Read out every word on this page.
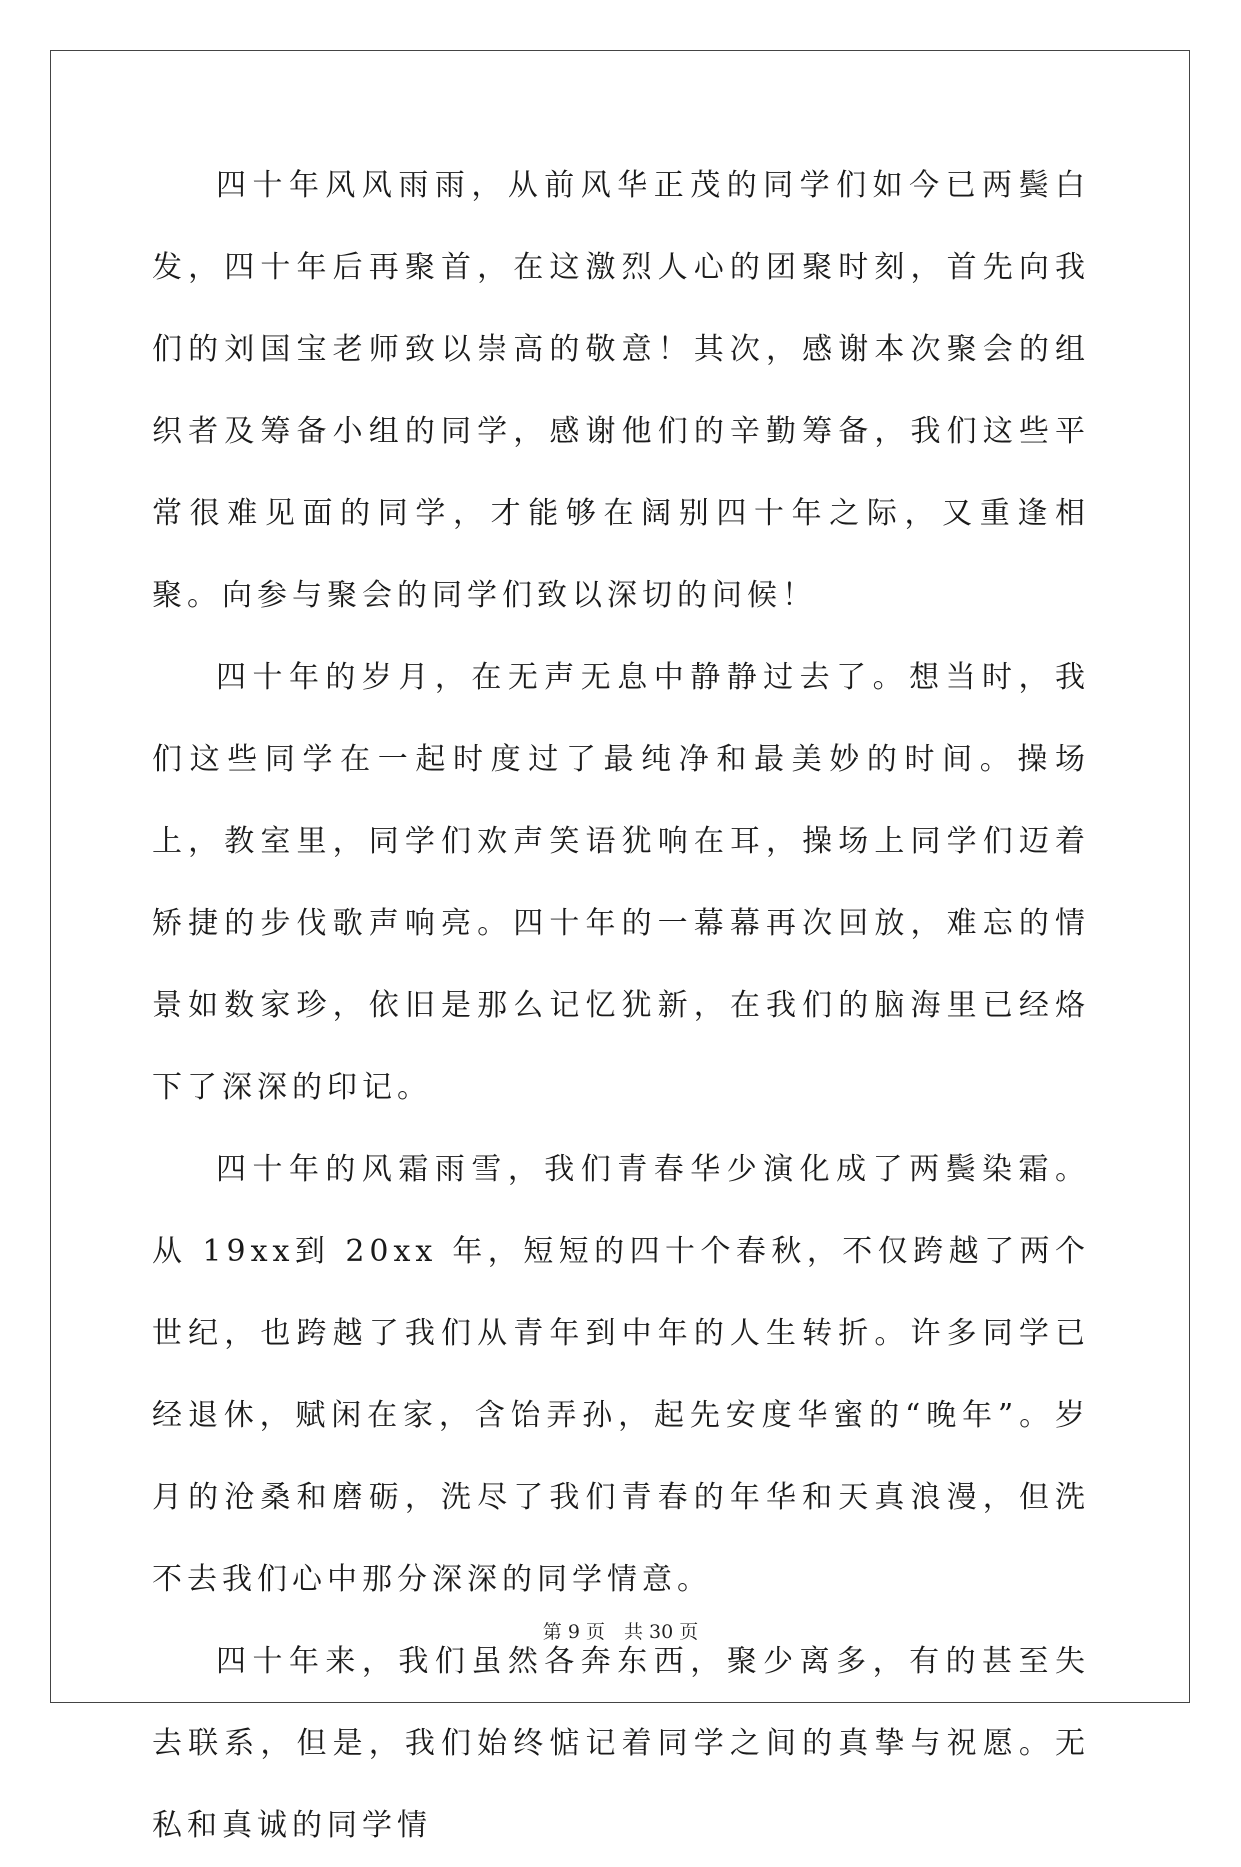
四十年风风雨雨，从前风华正茂的同学们如今已两鬓白发，四十年后再聚首，在这激烈人心的团聚时刻，首先向我们的刘国宝老师致以崇高的敬意！其次，感谢本次聚会的组织者及筹备小组的同学，感谢他们的辛勤筹备，我们这些平常很难见面的同学，才能够在阔别四十年之际，又重逢相聚。向参与聚会的同学们致以深切的问候！

四十年的岁月，在无声无息中静静过去了。想当时，我们这些同学在一起时度过了最纯净和最美妙的时间。操场上，教室里，同学们欢声笑语犹响在耳，操场上同学们迈着矫捷的步伐歌声响亮。四十年的一幕幕再次回放，难忘的情景如数家珍，依旧是那么记忆犹新，在我们的脑海里已经烙下了深深的印记。

四十年的风霜雨雪，我们青春华少演化成了两鬓染霜。从 19xx到 20xx 年，短短的四十个春秋，不仅跨越了两个世纪，也跨越了我们从青年到中年的人生转折。许多同学已经退休，赋闲在家，含饴弄孙，起先安度华蜜的“晚年”。岁月的沧桑和磨砺，洗尽了我们青春的年华和天真浪漫，但洗不去我们心中那分深深的同学情意。

四十年来，我们虽然各奔东西，聚少离多，有的甚至失去联系，但是，我们始终惦记着同学之间的真挚与祝愿。无私和真诚的同学情

第 9 页　共 30 页
